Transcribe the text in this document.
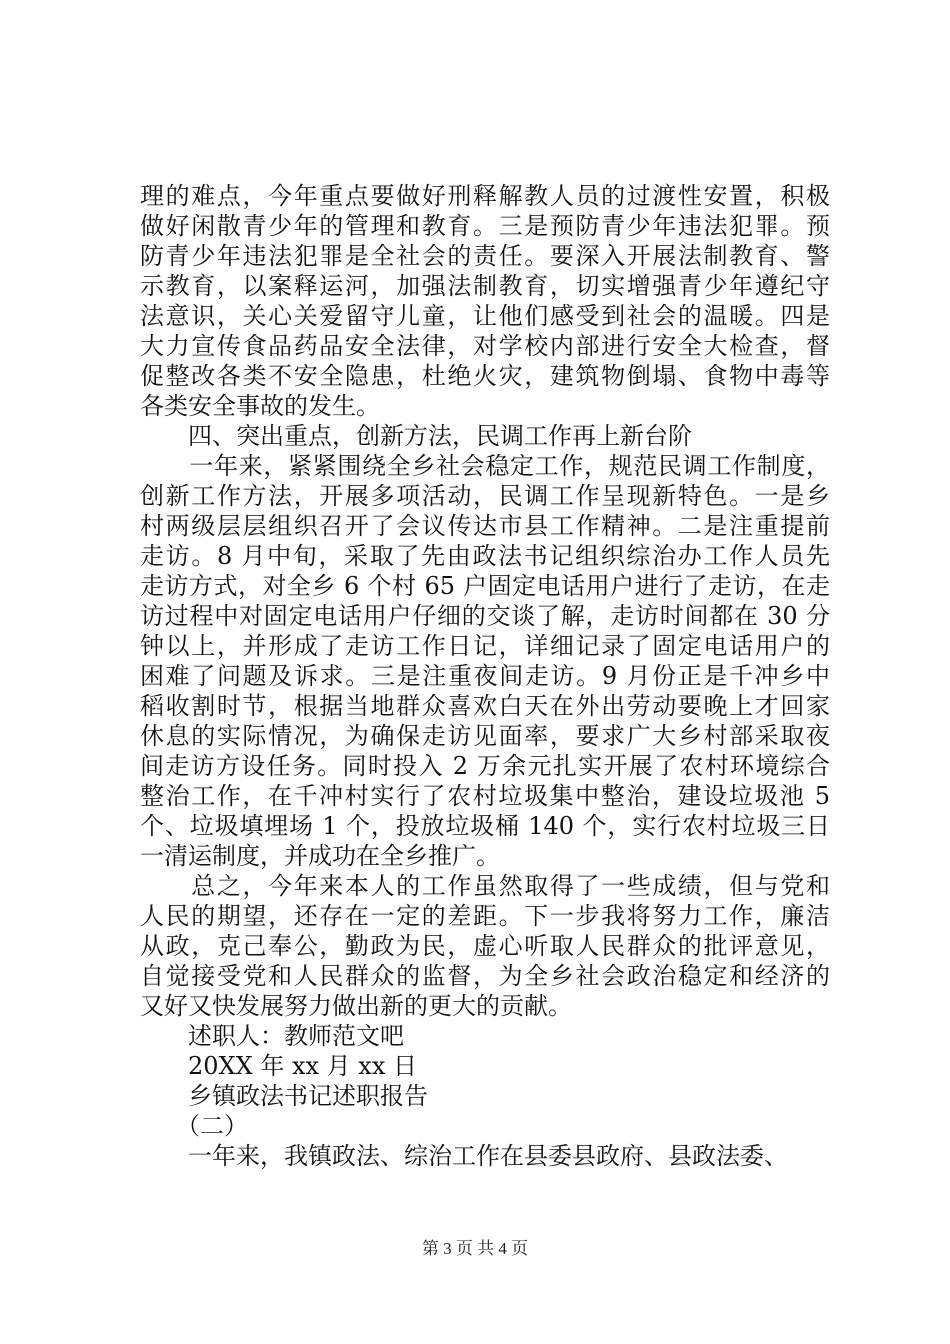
理的难点，今年重点要做好刑释解教人员的过渡性安置，积极
做好闲散青少年的管理和教育。三是预防青少年违法犯罪。预
防青少年违法犯罪是全社会的责任。要深入开展法制教育、警
示教育，以案释运河，加强法制教育，切实增强青少年遵纪守
法意识，关心关爱留守儿童，让他们感受到社会的温暖。四是
大力宣传食品药品安全法律，对学校内部进行安全大检查，督
促整改各类不安全隐患，杜绝火灾，建筑物倒塌、食物中毒等
各类安全事故的发生。
　　四、突出重点，创新方法，民调工作再上新台阶
　　一年来，紧紧围绕全乡社会稳定工作，规范民调工作制度，
创新工作方法，开展多项活动，民调工作呈现新特色。一是乡
村两级层层组织召开了会议传达市县工作精神。二是注重提前
走访。8 月中旬，采取了先由政法书记组织综治办工作人员先
走访方式，对全乡 6 个村 65 户固定电话用户进行了走访，在走
访过程中对固定电话用户仔细的交谈了解，走访时间都在 30 分
钟以上，并形成了走访工作日记，详细记录了固定电话用户的
困难了问题及诉求。三是注重夜间走访。9 月份正是千冲乡中
稻收割时节，根据当地群众喜欢白天在外出劳动要晚上才回家
休息的实际情况，为确保走访见面率，要求广大乡村部采取夜
间走访方设任务。同时投入 2 万余元扎实开展了农村环境综合
整治工作，在千冲村实行了农村垃圾集中整治，建设垃圾池 5
个、垃圾填埋场 1 个，投放垃圾桶 140 个，实行农村垃圾三日
一清运制度，并成功在全乡推广。
　　总之，今年来本人的工作虽然取得了一些成绩，但与党和
人民的期望，还存在一定的差距。下一步我将努力工作，廉洁
从政，克己奉公，勤政为民，虚心听取人民群众的批评意见，
自觉接受党和人民群众的监督，为全乡社会政治稳定和经济的
又好又快发展努力做出新的更大的贡献。
　　述职人：教师范文吧
　　20XX 年 xx 月 xx 日
　　乡镇政法书记述职报告
　　（二）
　　一年来，我镇政法、综治工作在县委县政府、县政法委、
第 3 页 共 4 页
